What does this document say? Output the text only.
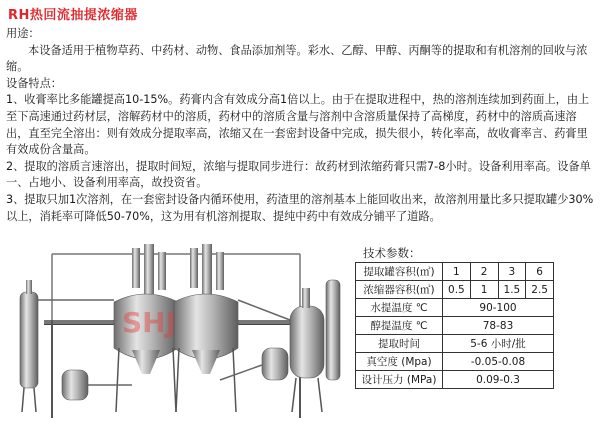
RH热回流抽提浓缩器

用途：

本设备适用于植物草药、中药材、动物、食品添加剂等。彩水、乙醇、甲醇、丙酮等的提取和有机溶剂的回收与浓缩。

设备特点：

1、收膏率比多能罐提高10-15%。药膏内含有效成分高1倍以上。由于在提取进程中，热的溶剂连续加到药面上，由上至下高速通过药材层，溶解药材中的溶质，药材中的溶质含量与溶剂中含溶质量保持了高梯度，药材中的溶质高速溶出，直至完全溶出：则有效成分提取率高，浓缩又在一套密封设备中完成，损失很小，转化率高，故收膏率言、药膏里有效成份含量高。

2、提取的溶质言速溶出，提取时间短，浓缩与提取同步进行：故药材到浓缩药膏只需7-8小时。设备利用率高。设备单一、占地小、设备利用率高，故投资省。

3、提取只加1次溶剂，在一套密封设备内循环使用，药渣里的溶剂基本上能回收出来，故溶剂用量比多只提取罐少30%以上，消耗率可降低50-70%，这为用有机溶剂提取、提纯中药中有效成分铺平了道路。

SHJ
技术参数：
提取罐容积(㎡)	1	2	3	6
浓缩器容积(㎡)	0.5	1	1.5	2.5
水提温度 ℃	90-100			
醇提温度 ℃	78-83			
提取时间	5-6 小时/批			
真空度 (Mpa)	-0.05-0.08			
设计压力 (MPa)	0.09-0.3			
